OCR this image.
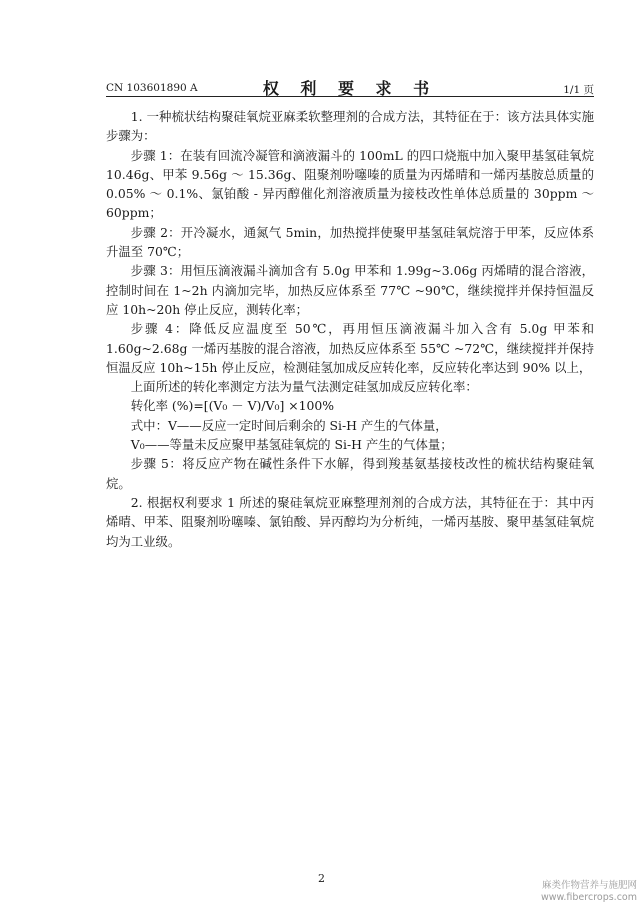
CN 103601890 A	权 利 要 求 书	1/1 页

1. 一种梳状结构聚硅氧烷亚麻柔软整理剂的合成方法，其特征在于：该方法具体实施步骤为：

步骤 1：在装有回流冷凝管和滴液漏斗的 100mL 的四口烧瓶中加入聚甲基氢硅氧烷 10.46g、甲苯 9.56g ～ 15.36g、阻聚剂吩噻嗪的质量为丙烯晴和一烯丙基胺总质量的 0.05% ～ 0.1%、氯铂酸 - 异丙醇催化剂溶液质量为接枝改性单体总质量的 30ppm ～ 60ppm；

步骤 2：开冷凝水，通氮气 5min，加热搅拌使聚甲基氢硅氧烷溶于甲苯，反应体系升温至 70℃；

步骤 3：用恒压滴液漏斗滴加含有 5.0g 甲苯和 1.99g~3.06g 丙烯晴的混合溶液，控制时间在 1~2h 内滴加完毕，加热反应体系至 77℃ ~90℃，继续搅拌并保持恒温反应 10h~20h 停止反应，测转化率；

步骤 4：降低反应温度至 50℃，再用恒压滴液漏斗加入含有 5.0g 甲苯和 1.60g~2.68g 一烯丙基胺的混合溶液，加热反应体系至 55℃ ~72℃，继续搅拌并保持恒温反应 10h~15h 停止反应，检测硅氢加成反应转化率，反应转化率达到 90% 以上，

上面所述的转化率测定方法为量气法测定硅氢加成反应转化率：

转化率 (%)=[(V₀ － V)/V₀] ×100%

式中：V——反应一定时间后剩余的 Si-H 产生的气体量，

V₀——等量未反应聚甲基氢硅氧烷的 Si-H 产生的气体量；

步骤 5：将反应产物在碱性条件下水解，得到羧基氨基接枝改性的梳状结构聚硅氧烷。

2. 根据权利要求 1 所述的聚硅氧烷亚麻整理剂剂的合成方法，其特征在于：其中丙烯晴、甲苯、阻聚剂吩噻嗪、氯铂酸、异丙醇均为分析纯，一烯丙基胺、聚甲基氢硅氧烷均为工业级。

2
麻类作物营养与施肥网
www.fibercrops.com
